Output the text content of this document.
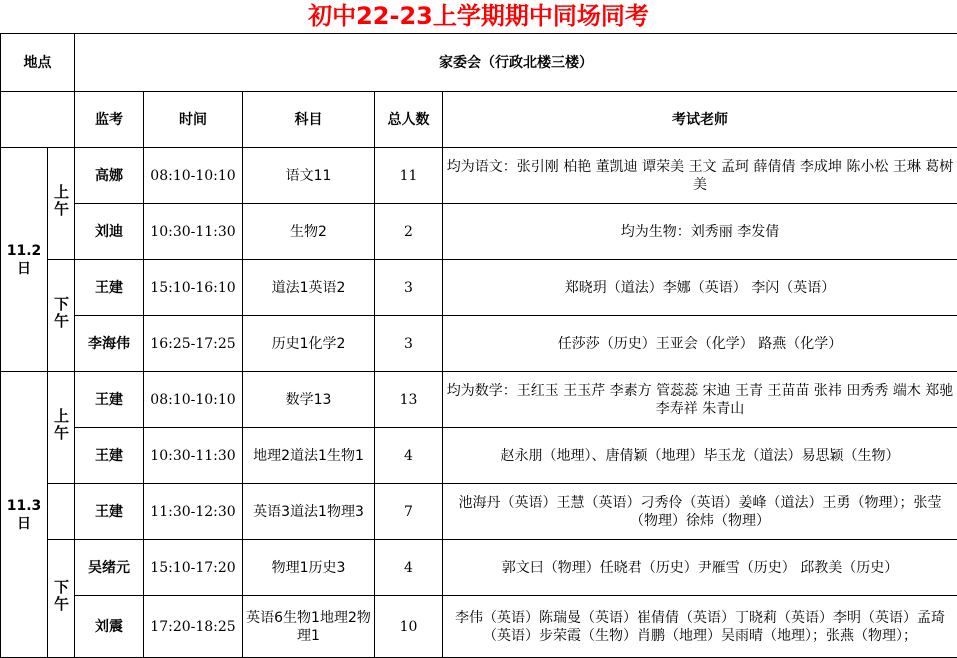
初中22-23上学期期中同场同考
地点		家委会（行政北楼三楼）				
		监考	时间	科目	总人数	考试老师
11.2日	上午	高娜	08:10-10:10	语文11	11	均为语文：张引刚 柏艳 董凯迪 谭荣美 王文 孟珂 薛倩倩 李成坤 陈小松 王琳 葛树美
		刘迪	10:30-11:30	生物2	2	均为生物：刘秀丽 李发倩
	下午	王建	15:10-16:10	道法1英语2	3	郑晓玥（道法）李娜（英语） 李闪（英语）
		李海伟	16:25-17:25	历史1化学2	3	任莎莎（历史）王亚会（化学） 路燕（化学）
11.3日	上午	王建	08:10-10:10	数学13	13	均为数学：王红玉 王玉芹 李素方 管蕊蕊 宋迪 王青 王苗苗 张祎 田秀秀 端木 郑驰 李寿祥 朱青山
		王建	10:30-11:30	地理2道法1生物1	4	赵永朋（地理）、唐倩颖（地理）毕玉龙（道法）易思颖（生物）
		王建	11:30-12:30	英语3道法1物理3	7	池海丹（英语）王慧（英语）刁秀伶（英语）姜峰（道法）王勇（物理）；张莹（物理）徐炜（物理）
	下午	吴绪元	15:10-17:20	物理1历史3	4	郭文曰（物理）任晓君（历史）尹雁雪（历史） 邱教美（历史）
		刘震	17:20-18:25	英语6生物1地理2物理1	10	李伟（英语）陈瑞曼（英语）崔倩倩（英语）丁晓莉（英语）李明（英语）孟琦（英语）步荣霞（生物）肖鹏（地理）吴雨晴（地理）；张燕（物理）；
